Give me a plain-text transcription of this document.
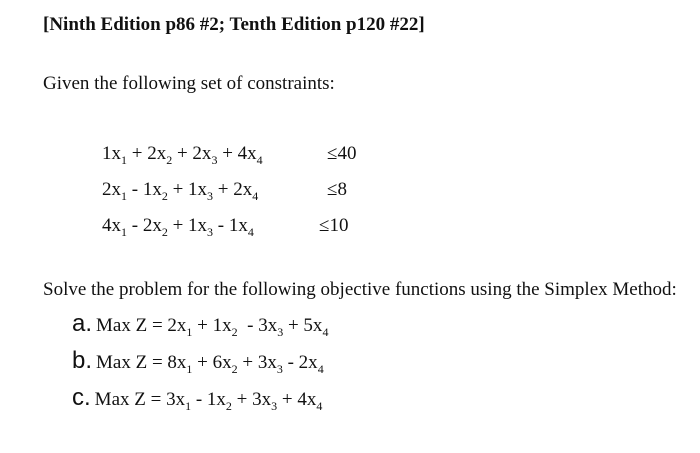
[Ninth Edition p86 #2; Tenth Edition p120 #22]
Given the following set of constraints:
$1x_1 + 2x_2 + 2x_3 + 4x_4$	≤40
$2x_1 - 1x_2 + 1x_3 + 2x_4$	≤8
$4x_1 - 2x_2 + 1x_3 - 1x_4$	≤10
Solve the problem for the following objective functions using the Simplex Method:
a. Max $Z = 2x_1 + 1x_2 - 3x_3 + 5x_4$
b. Max $Z = 8x_1 + 6x_2 + 3x_3 - 2x_4$
c. Max $Z = 3x_1 - 1x_2 + 3x_3 + 4x_4$
